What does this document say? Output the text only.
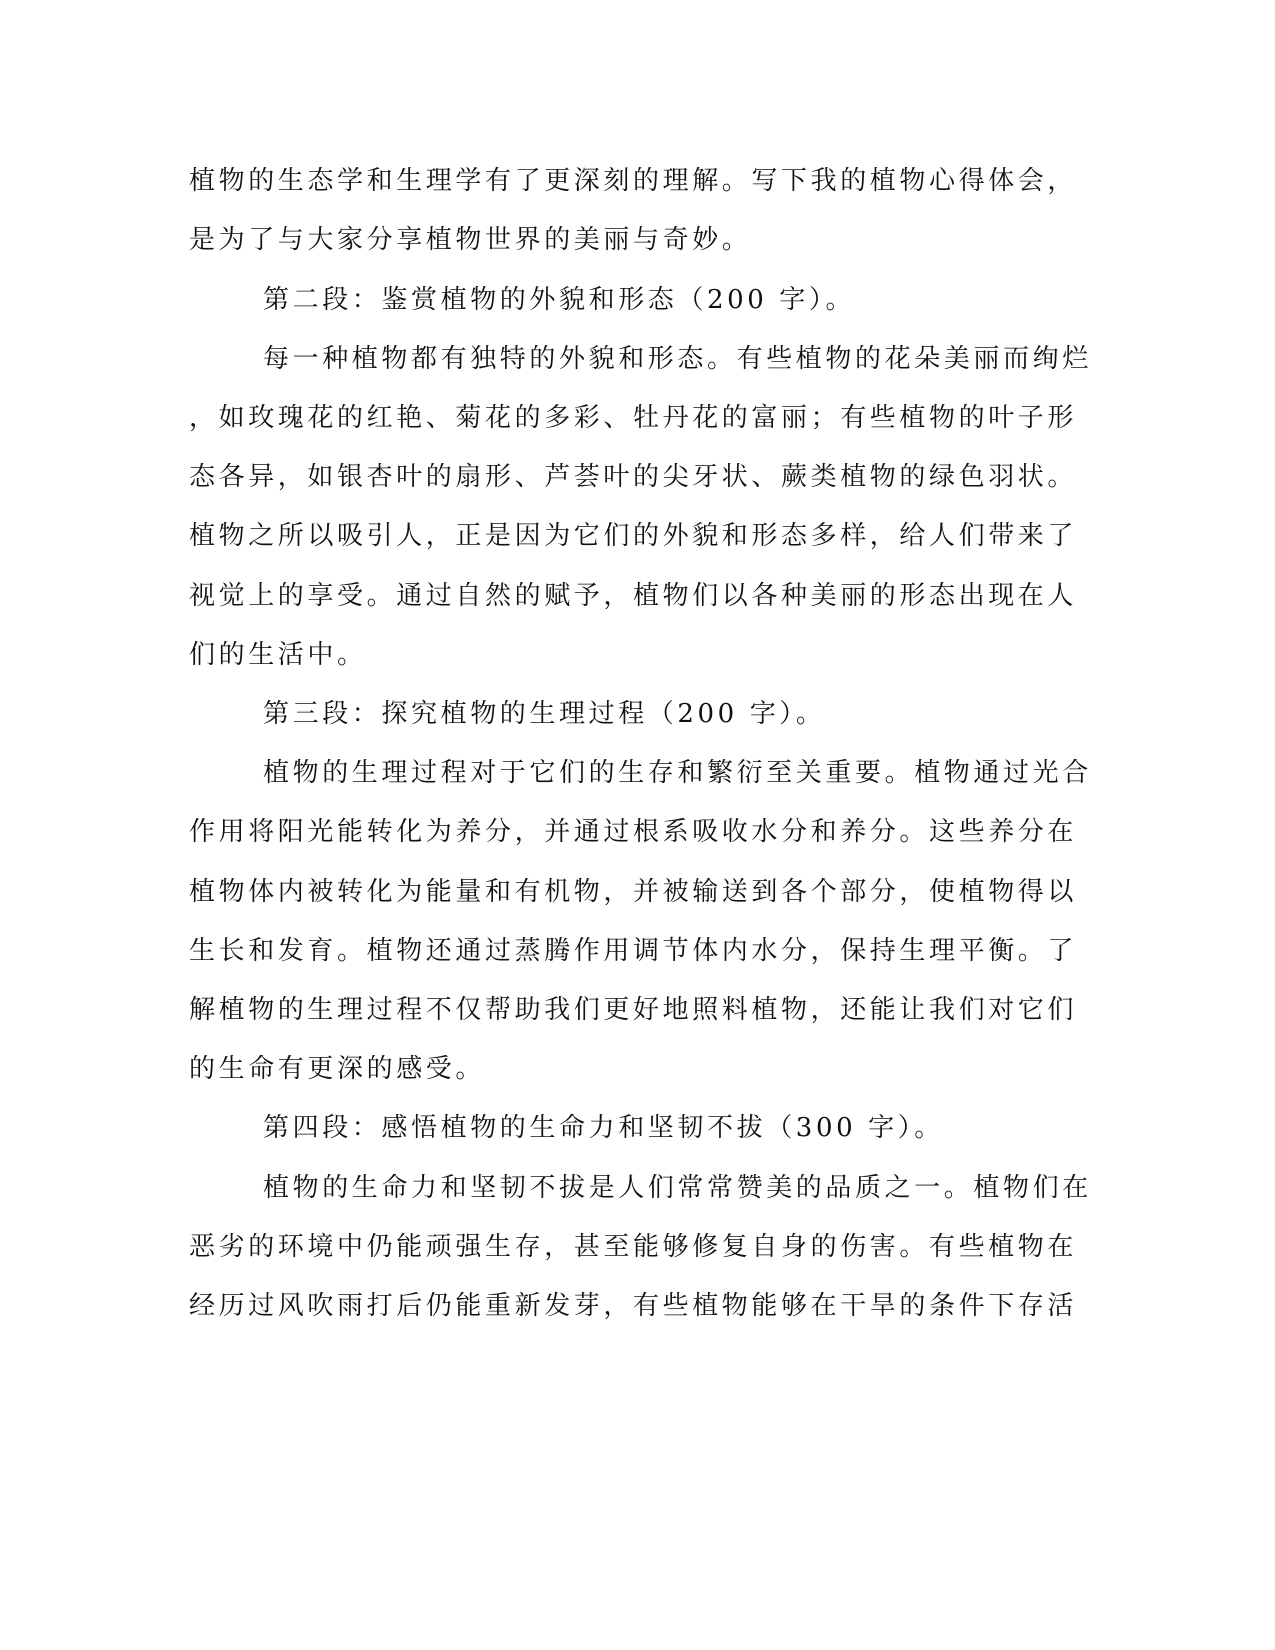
植物的生态学和生理学有了更深刻的理解。写下我的植物心得体会，
是为了与大家分享植物世界的美丽与奇妙。
第二段：鉴赏植物的外貌和形态（200 字）。
每一种植物都有独特的外貌和形态。有些植物的花朵美丽而绚烂
，如玫瑰花的红艳、菊花的多彩、牡丹花的富丽；有些植物的叶子形
态各异，如银杏叶的扇形、芦荟叶的尖牙状、蕨类植物的绿色羽状。
植物之所以吸引人，正是因为它们的外貌和形态多样，给人们带来了
视觉上的享受。通过自然的赋予，植物们以各种美丽的形态出现在人
们的生活中。
第三段：探究植物的生理过程（200 字）。
植物的生理过程对于它们的生存和繁衍至关重要。植物通过光合
作用将阳光能转化为养分，并通过根系吸收水分和养分。这些养分在
植物体内被转化为能量和有机物，并被输送到各个部分，使植物得以
生长和发育。植物还通过蒸腾作用调节体内水分，保持生理平衡。了
解植物的生理过程不仅帮助我们更好地照料植物，还能让我们对它们
的生命有更深的感受。
第四段：感悟植物的生命力和坚韧不拔（300 字）。
植物的生命力和坚韧不拔是人们常常赞美的品质之一。植物们在
恶劣的环境中仍能顽强生存，甚至能够修复自身的伤害。有些植物在
经历过风吹雨打后仍能重新发芽，有些植物能够在干旱的条件下存活
